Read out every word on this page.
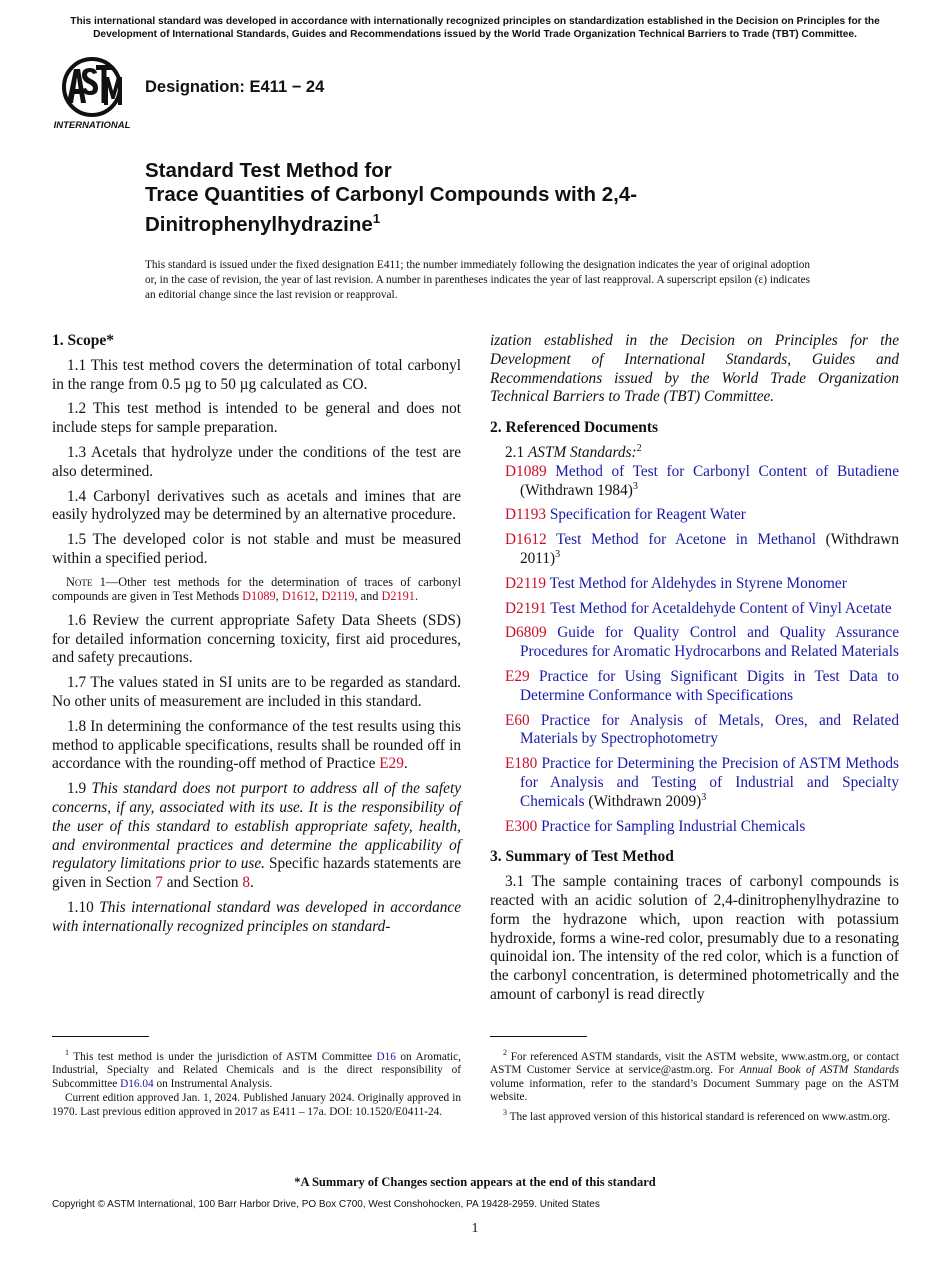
This international standard was developed in accordance with internationally recognized principles on standardization established in the Decision on Principles for the Development of International Standards, Guides and Recommendations issued by the World Trade Organization Technical Barriers to Trade (TBT) Committee.
INTERNATIONAL
Designation: E411 − 24
Standard Test Method for
Trace Quantities of Carbonyl Compounds with 2,4-
Dinitrophenylhydrazine$^1$
This standard is issued under the fixed designation E411; the number immediately following the designation indicates the year of original adoption or, in the case of revision, the year of last revision. A number in parentheses indicates the year of last reapproval. A superscript epsilon (ε) indicates an editorial change since the last revision or reapproval.
1. Scope*

1.1 This test method covers the determination of total carbonyl in the range from 0.5 µg to 50 µg calculated as CO.

1.2 This test method is intended to be general and does not include steps for sample preparation.

1.3 Acetals that hydrolyze under the conditions of the test are also determined.

1.4 Carbonyl derivatives such as acetals and imines that are easily hydrolyzed may be determined by an alternative procedure.

1.5 The developed color is not stable and must be measured within a specified period.

Note 1—Other test methods for the determination of traces of carbonyl compounds are given in Test Methods D1089, D1612, D2119, and D2191.

1.6 Review the current appropriate Safety Data Sheets (SDS) for detailed information concerning toxicity, first aid procedures, and safety precautions.

1.7 The values stated in SI units are to be regarded as standard. No other units of measurement are included in this standard.

1.8 In determining the conformance of the test results using this method to applicable specifications, results shall be rounded off in accordance with the rounding-off method of Practice E29.

1.9 This standard does not purport to address all of the safety concerns, if any, associated with its use. It is the responsibility of the user of this standard to establish appropriate safety, health, and environmental practices and determine the applicability of regulatory limitations prior to use. Specific hazards statements are given in Section 7 and Section 8.

1.10 This international standard was developed in accordance with internationally recognized principles on standard-

ization established in the Decision on Principles for the Development of International Standards, Guides and Recommendations issued by the World Trade Organization Technical Barriers to Trade (TBT) Committee.

2. Referenced Documents

2.1 ASTM Standards:$^2$

D1089 Method of Test for Carbonyl Content of Butadiene (Withdrawn 1984)$^3$

D1193 Specification for Reagent Water

D1612 Test Method for Acetone in Methanol (Withdrawn 2011)$^3$

D2119 Test Method for Aldehydes in Styrene Monomer

D2191 Test Method for Acetaldehyde Content of Vinyl Acetate

D6809 Guide for Quality Control and Quality Assurance Procedures for Aromatic Hydrocarbons and Related Materials

E29 Practice for Using Significant Digits in Test Data to Determine Conformance with Specifications

E60 Practice for Analysis of Metals, Ores, and Related Materials by Spectrophotometry

E180 Practice for Determining the Precision of ASTM Methods for Analysis and Testing of Industrial and Specialty Chemicals (Withdrawn 2009)$^3$

E300 Practice for Sampling Industrial Chemicals

3. Summary of Test Method

3.1 The sample containing traces of carbonyl compounds is reacted with an acidic solution of 2,4-dinitrophenylhydrazine to form the hydrazone which, upon reaction with potassium hydroxide, forms a wine-red color, presumably due to a resonating quinoidal ion. The intensity of the red color, which is a function of the carbonyl concentration, is determined photometrically and the amount of carbonyl is read directly

$^1$ This test method is under the jurisdiction of ASTM Committee D16 on Aromatic, Industrial, Specialty and Related Chemicals and is the direct responsibility of Subcommittee D16.04 on Instrumental Analysis.

Current edition approved Jan. 1, 2024. Published January 2024. Originally approved in 1970. Last previous edition approved in 2017 as E411 – 17a. DOI: 10.1520/E0411-24.

$^2$ For referenced ASTM standards, visit the ASTM website, www.astm.org, or contact ASTM Customer Service at service@astm.org. For Annual Book of ASTM Standards volume information, refer to the standard’s Document Summary page on the ASTM website.

$^3$ The last approved version of this historical standard is referenced on www.astm.org.

*A Summary of Changes section appears at the end of this standard
Copyright © ASTM International, 100 Barr Harbor Drive, PO Box C700, West Conshohocken, PA 19428-2959. United States
1
